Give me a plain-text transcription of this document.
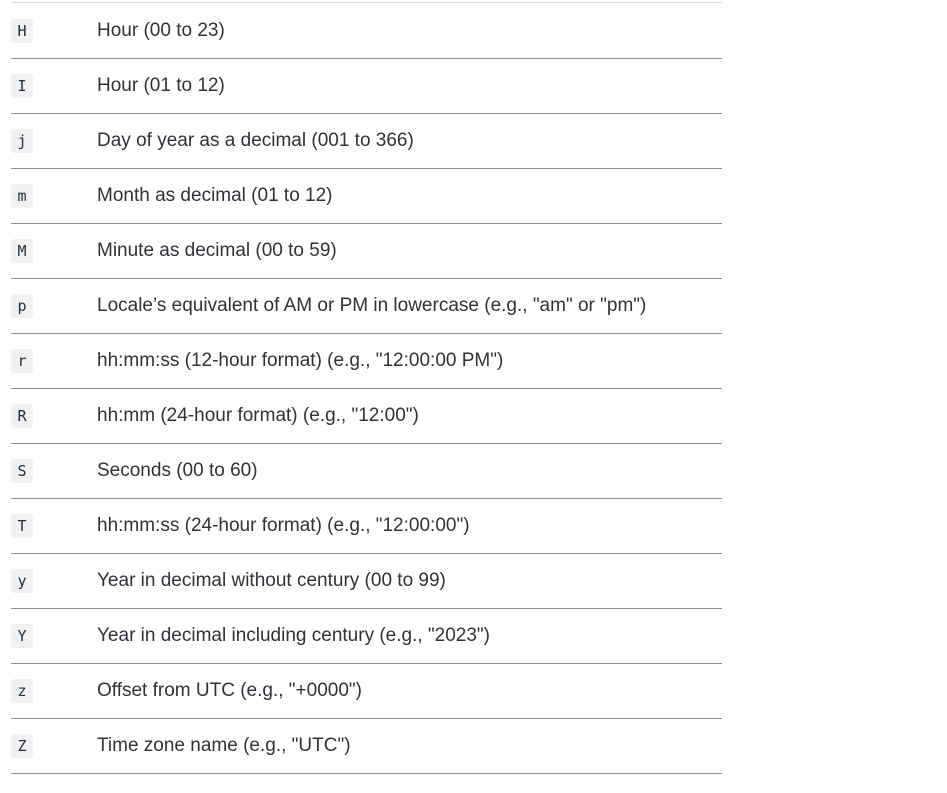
H	Hour (00 to 23)
I	Hour (01 to 12)
j	Day of year as a decimal (001 to 366)
m	Month as decimal (01 to 12)
M	Minute as decimal (00 to 59)
p	Locale’s equivalent of AM or PM in lowercase (e.g., "am" or "pm")
r	hh:mm:ss (12-hour format) (e.g., "12:00:00 PM")
R	hh:mm (24-hour format) (e.g., "12:00")
S	Seconds (00 to 60)
T	hh:mm:ss (24-hour format) (e.g., "12:00:00")
y	Year in decimal without century (00 to 99)
Y	Year in decimal including century (e.g., "2023")
z	Offset from UTC (e.g., "+0000")
Z	Time zone name (e.g., "UTC")
